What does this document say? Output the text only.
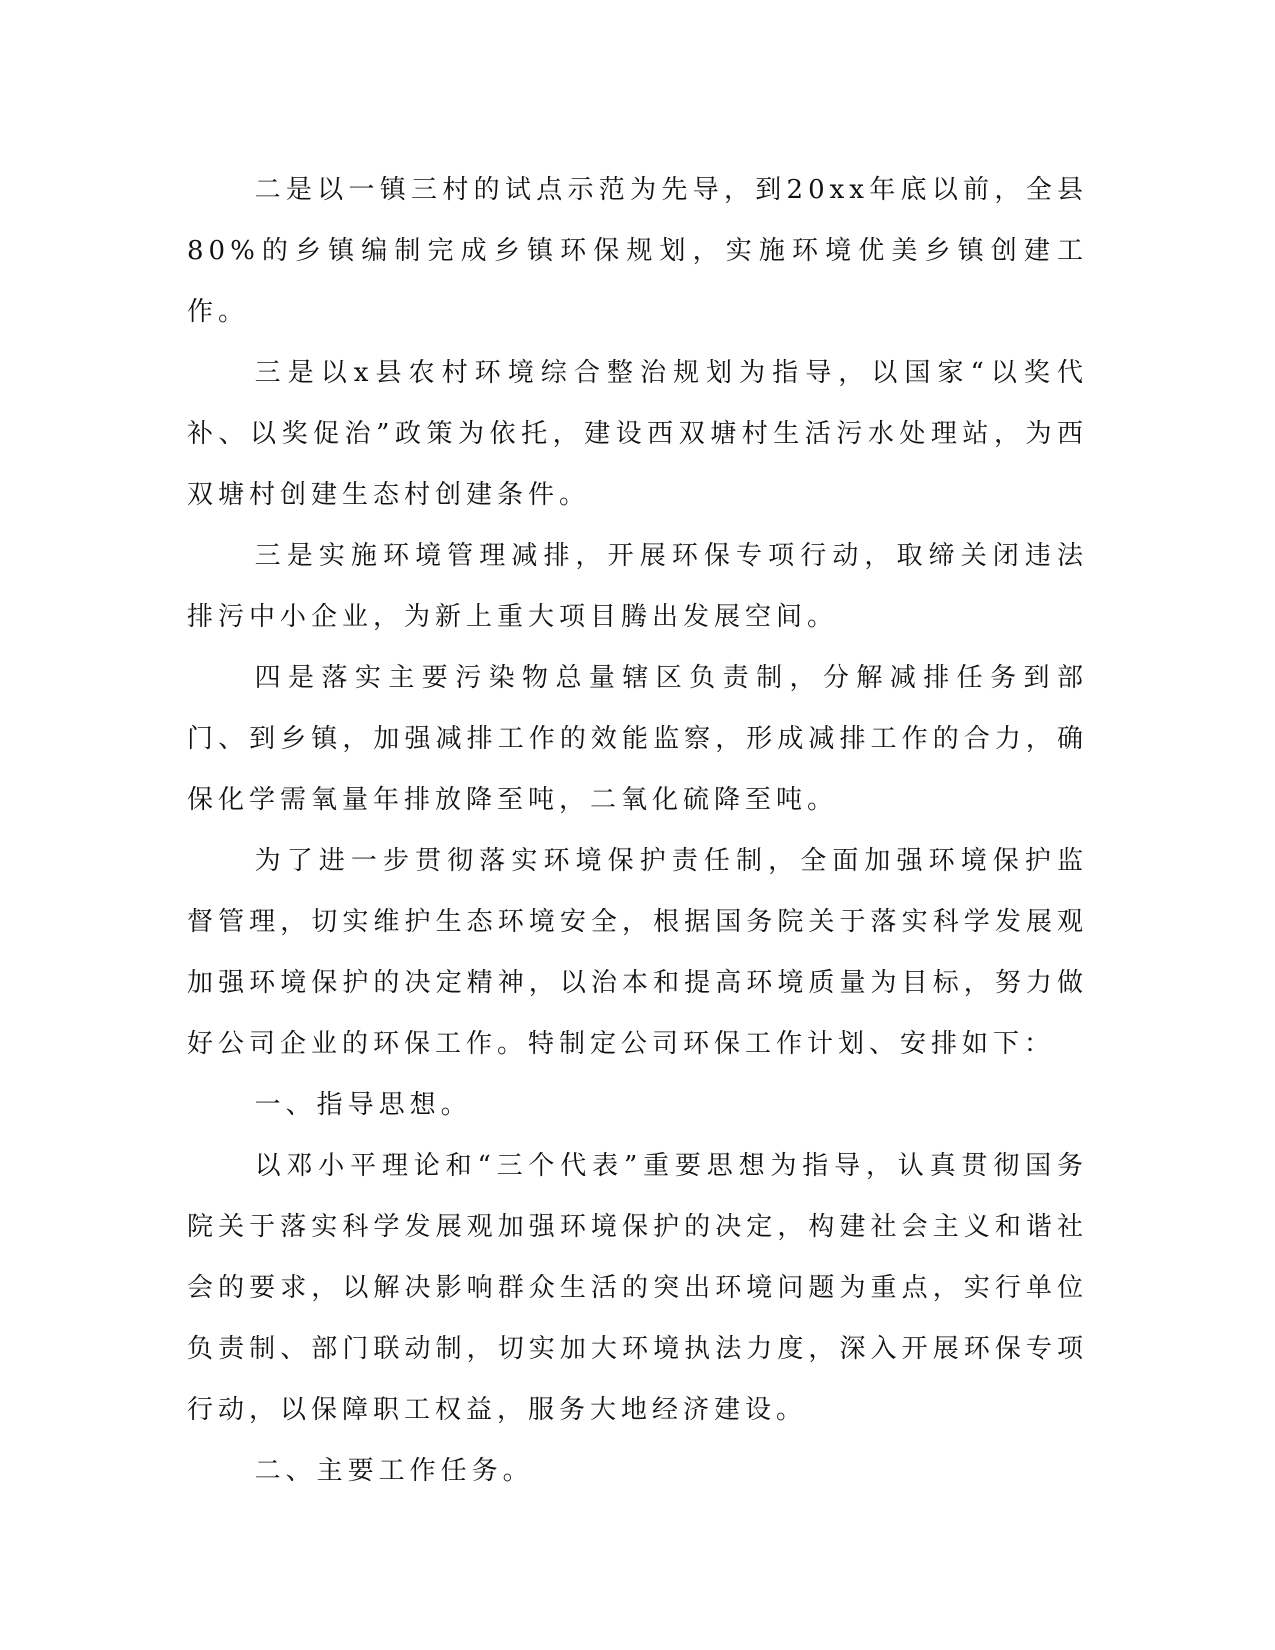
二是以一镇三村的试点示范为先导，到20xx年底以前，全县80%的乡镇编制完成乡镇环保规划，实施环境优美乡镇创建工作。

三是以x县农村环境综合整治规划为指导，以国家“以奖代补、以奖促治”政策为依托，建设西双塘村生活污水处理站，为西双塘村创建生态村创建条件。

三是实施环境管理减排，开展环保专项行动，取缔关闭违法排污中小企业，为新上重大项目腾出发展空间。

四是落实主要污染物总量辖区负责制，分解减排任务到部门、到乡镇，加强减排工作的效能监察，形成减排工作的合力，确保化学需氧量年排放降至吨，二氧化硫降至吨。

为了进一步贯彻落实环境保护责任制，全面加强环境保护监督管理，切实维护生态环境安全，根据国务院关于落实科学发展观加强环境保护的决定精神，以治本和提高环境质量为目标，努力做好公司企业的环保工作。特制定公司环保工作计划、安排如下：

一、指导思想。

以邓小平理论和“三个代表”重要思想为指导，认真贯彻国务院关于落实科学发展观加强环境保护的决定，构建社会主义和谐社会的要求，以解决影响群众生活的突出环境问题为重点，实行单位负责制、部门联动制，切实加大环境执法力度，深入开展环保专项行动，以保障职工权益，服务大地经济建设。

二、主要工作任务。
